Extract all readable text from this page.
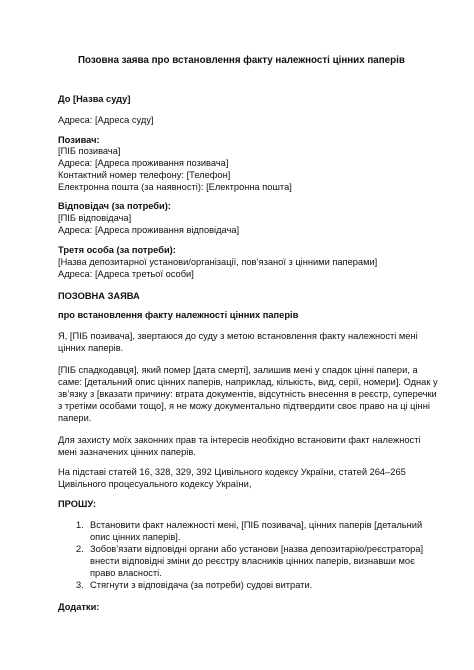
Позовна заява про встановлення факту належності цінних паперів
До [Назва суду]
Адреса: [Адреса суду]
Позивач:
[ПІБ позивача]
Адреса: [Адреса проживання позивача]
Контактний номер телефону: [Телефон]
Електронна пошта (за наявності): [Електронна пошта]
Відповідач (за потреби):
[ПІБ відповідача]
Адреса: [Адреса проживання відповідача]
Третя особа (за потреби):
[Назва депозитарної установи/організації, пов’язаної з цінними паперами]
Адреса: [Адреса третьої особи]
ПОЗОВНА ЗАЯВА
про встановлення факту належності цінних паперів
Я, [ПІБ позивача], звертаюся до суду з метою встановлення факту належності мені
цінних паперів.
[ПІБ спадкодавця], який помер [дата смерті], залишив мені у спадок цінні папери, а
саме: [детальний опис цінних паперів, наприклад, кількість, вид, серії, номери]. Однак у
зв’язку з [вказати причину: втрата документів, відсутність внесення в реєстр, суперечки
з третіми особами тощо], я не можу документально підтвердити своє право на ці цінні
папери.
Для захисту моїх законних прав та інтересів необхідно встановити факт належності
мені зазначених цінних паперів.
На підставі статей 16, 328, 329, 392 Цивільного кодексу України, статей 264–265
Цивільного процесуального кодексу України,
ПРОШУ:
1. Встановити факт належності мені, [ПІБ позивача], цінних паперів [детальний
опис цінних паперів].
2. Зобов’язати відповідні органи або установи [назва депозитарію/реєстратора]
внести відповідні зміни до реєстру власників цінних паперів, визнавши моє
право власності.
3. Стягнути з відповідача (за потреби) судові витрати.
Додатки:
